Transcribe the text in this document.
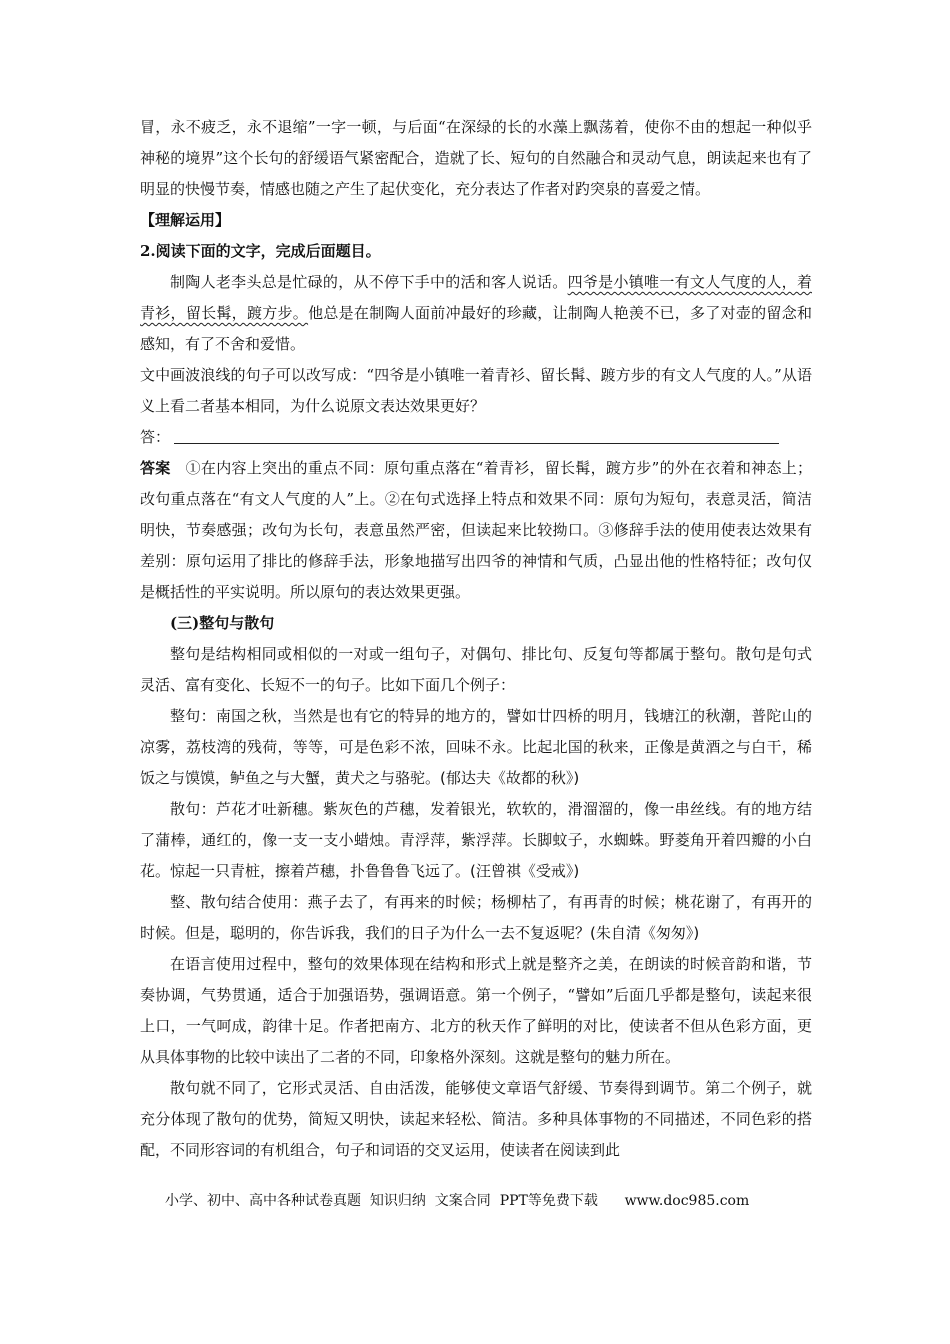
冒，永不疲乏，永不退缩”一字一顿，与后面“在深绿的长的水藻上飘荡着，使你不由的想起一种似乎神秘的境界”这个长句的舒缓语气紧密配合，造就了长、短句的自然融合和灵动气息，朗读起来也有了明显的快慢节奏，情感也随之产生了起伏变化，充分表达了作者对趵突泉的喜爱之情。

【理解运用】

2.阅读下面的文字，完成后面题目。

制陶人老李头总是忙碌的，从不停下手中的活和客人说话。四爷是小镇唯一有文人气度的人，着青衫，留长髯，踱方步。他总是在制陶人面前冲最好的珍藏，让制陶人艳羡不已，多了对壶的留念和感知，有了不舍和爱惜。

文中画波浪线的句子可以改写成：“四爷是小镇唯一着青衫、留长髯、踱方步的有文人气度的人。”从语义上看二者基本相同，为什么说原文表达效果更好？

答：

答案 ①在内容上突出的重点不同：原句重点落在“着青衫，留长髯，踱方步”的外在衣着和神态上；改句重点落在“有文人气度的人”上。②在句式选择上特点和效果不同：原句为短句，表意灵活，简洁明快，节奏感强；改句为长句，表意虽然严密，但读起来比较拗口。③修辞手法的使用使表达效果有差别：原句运用了排比的修辞手法，形象地描写出四爷的神情和气质，凸显出他的性格特征；改句仅是概括性的平实说明。所以原句的表达效果更强。

(三)整句与散句

整句是结构相同或相似的一对或一组句子，对偶句、排比句、反复句等都属于整句。散句是句式灵活、富有变化、长短不一的句子。比如下面几个例子：

整句：南国之秋，当然是也有它的特异的地方的，譬如廿四桥的明月，钱塘江的秋潮，普陀山的凉雾，荔枝湾的残荷，等等，可是色彩不浓，回味不永。比起北国的秋来，正像是黄酒之与白干，稀饭之与馍馍，鲈鱼之与大蟹，黄犬之与骆驼。(郁达夫《故都的秋》)

散句：芦花才吐新穗。紫灰色的芦穗，发着银光，软软的，滑溜溜的，像一串丝线。有的地方结了蒲棒，通红的，像一支一支小蜡烛。青浮萍，紫浮萍。长脚蚊子，水蜘蛛。野菱角开着四瓣的小白花。惊起一只青桩，擦着芦穗，扑鲁鲁鲁飞远了。(汪曾祺《受戒》)

整、散句结合使用：燕子去了，有再来的时候；杨柳枯了，有再青的时候；桃花谢了，有再开的时候。但是，聪明的，你告诉我，我们的日子为什么一去不复返呢？(朱自清《匆匆》)

在语言使用过程中，整句的效果体现在结构和形式上就是整齐之美，在朗读的时候音韵和谐，节奏协调，气势贯通，适合于加强语势，强调语意。第一个例子，“譬如”后面几乎都是整句，读起来很上口，一气呵成，韵律十足。作者把南方、北方的秋天作了鲜明的对比，使读者不但从色彩方面，更从具体事物的比较中读出了二者的不同，印象格外深刻。这就是整句的魅力所在。

散句就不同了，它形式灵活、自由活泼，能够使文章语气舒缓、节奏得到调节。第二个例子，就充分体现了散句的优势，简短又明快，读起来轻松、简洁。多种具体事物的不同描述，不同色彩的搭配，不同形容词的有机组合，句子和词语的交叉运用，使读者在阅读到此

小学、初中、高中各种试卷真题  知识归纳  文案合同  PPT等免费下载      www.doc985.com
